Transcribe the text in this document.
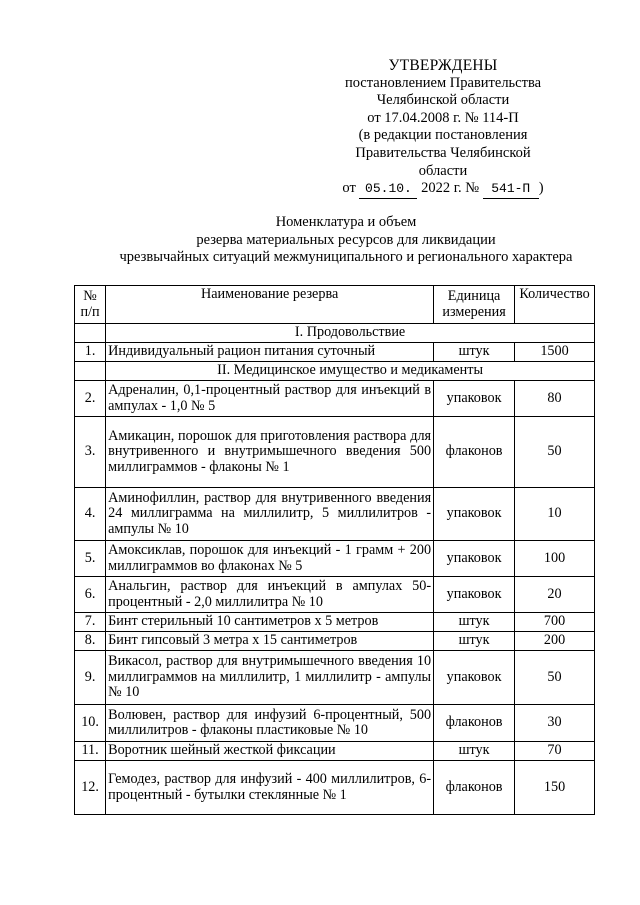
УТВЕРЖДЕНЫ
постановлением Правительства
Челябинской области
от 17.04.2008 г. № 114-П
(в редакции постановления
Правительства Челябинской области
от 05.10. 2022 г. № 541-П )
Номенклатура и объем
резерва материальных ресурсов для ликвидации
чрезвычайных ситуаций межмуниципального и регионального характера
№ п/п	Наименование резерва	Единица измерения	Количество
	I. Продовольствие		
1.	Индивидуальный рацион питания суточный	штук	1500
	II. Медицинское имущество и медикаменты		
2.	Адреналин, 0,1-процентный раствор для инъекций в ампулах - 1,0 № 5	упаковок	80
3.	Амикацин, порошок для приготовления раствора для внутривенного и внутримышечного введения 500 миллиграммов - флаконы № 1	флаконов	50
4.	Аминофиллин, раствор для внутривенного введения 24 миллиграмма на миллилитр, 5 миллилитров - ампулы № 10	упаковок	10
5.	Амоксиклав, порошок для инъекций - 1 грамм + 200 миллиграммов во флаконах № 5	упаковок	100
6.	Анальгин, раствор для инъекций в ампулах 50-процентный - 2,0 миллилитра № 10	упаковок	20
7.	Бинт стерильный 10 сантиметров х 5 метров	штук	700
8.	Бинт гипсовый 3 метра х 15 сантиметров	штук	200
9.	Викасол, раствор для внутримышечного введения 10 миллиграммов на миллилитр, 1 миллилитр - ампулы № 10	упаковок	50
10.	Волювен, раствор для инфузий 6-процентный, 500 миллилитров - флаконы пластиковые № 10	флаконов	30
11.	Воротник шейный жесткой фиксации	штук	70
12.	Гемодез, раствор для инфузий - 400 миллилитров, 6-процентный - бутылки стеклянные № 1	флаконов	150
